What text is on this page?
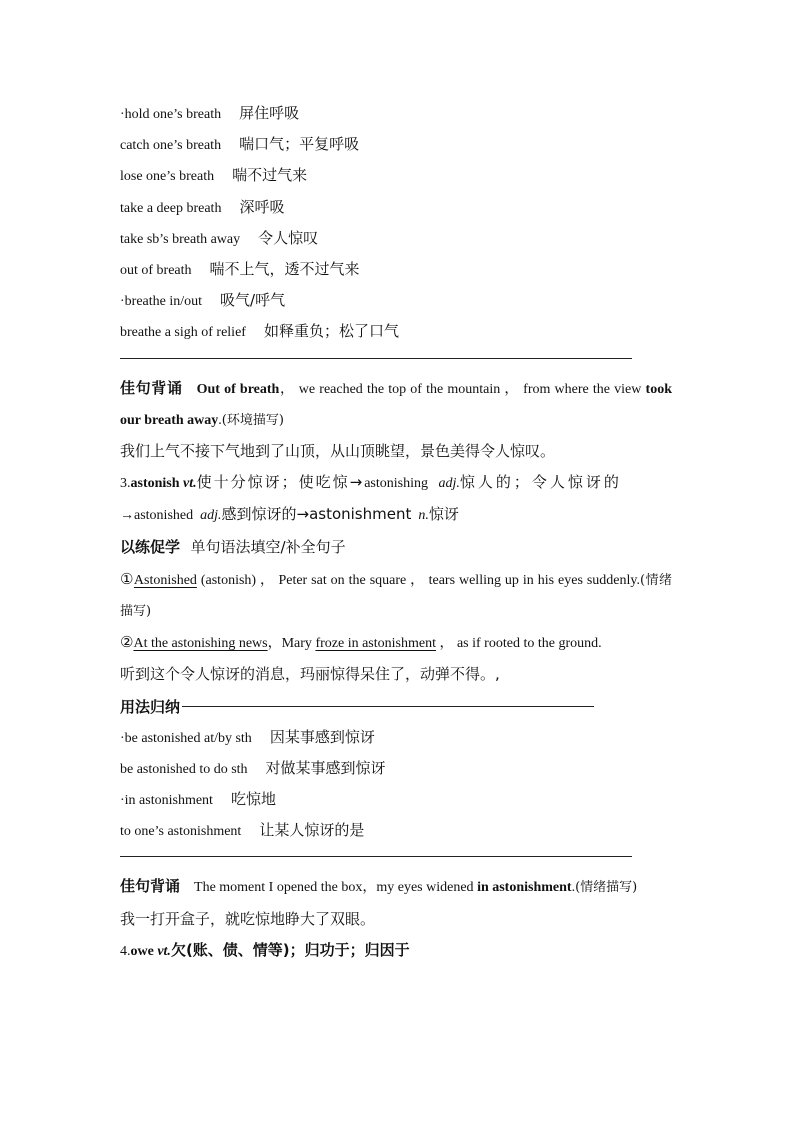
·hold one’s breath 屏住呼吸
catch one’s breath 喘口气；平复呼吸
lose one’s breath 喘不过气来
take a deep breath 深呼吸
take sb’s breath away 令人惊叹
out of breath 喘不上气，透不过气来
·breathe in/out 吸气/呼气
breathe a sigh of relief 如释重负；松了口气
佳句背诵 Out of breath， we reached the top of the mountain ， from where the view took our breath away.(环境描写)
我们上气不接下气地到了山顶，从山顶眺望，景色美得令人惊叹。
3.astonish vt.使十分惊讶；使吃惊→astonishing adj.惊人的；令人惊讶的
→astonished adj.感到惊讶的→astonishment n.惊讶
以练促学 单句语法填空/补全句子
①Astonished (astonish) ， Peter sat on the square ， tears welling up in his eyes suddenly.(情绪描写)
②At the astonishing news，Mary froze in astonishment ， as if rooted to the ground.
听到这个令人惊讶的消息，玛丽惊得呆住了，动弹不得。,
用法归纳
·be astonished at/by sth 因某事感到惊讶
be astonished to do sth 对做某事感到惊讶
·in astonishment 吃惊地
to one’s astonishment 让某人惊讶的是
佳句背诵 The moment I opened the box，my eyes widened in astonishment.(情绪描写)
我一打开盒子，就吃惊地睁大了双眼。
4.owe vt.欠(账、债、情等)；归功于；归因于
